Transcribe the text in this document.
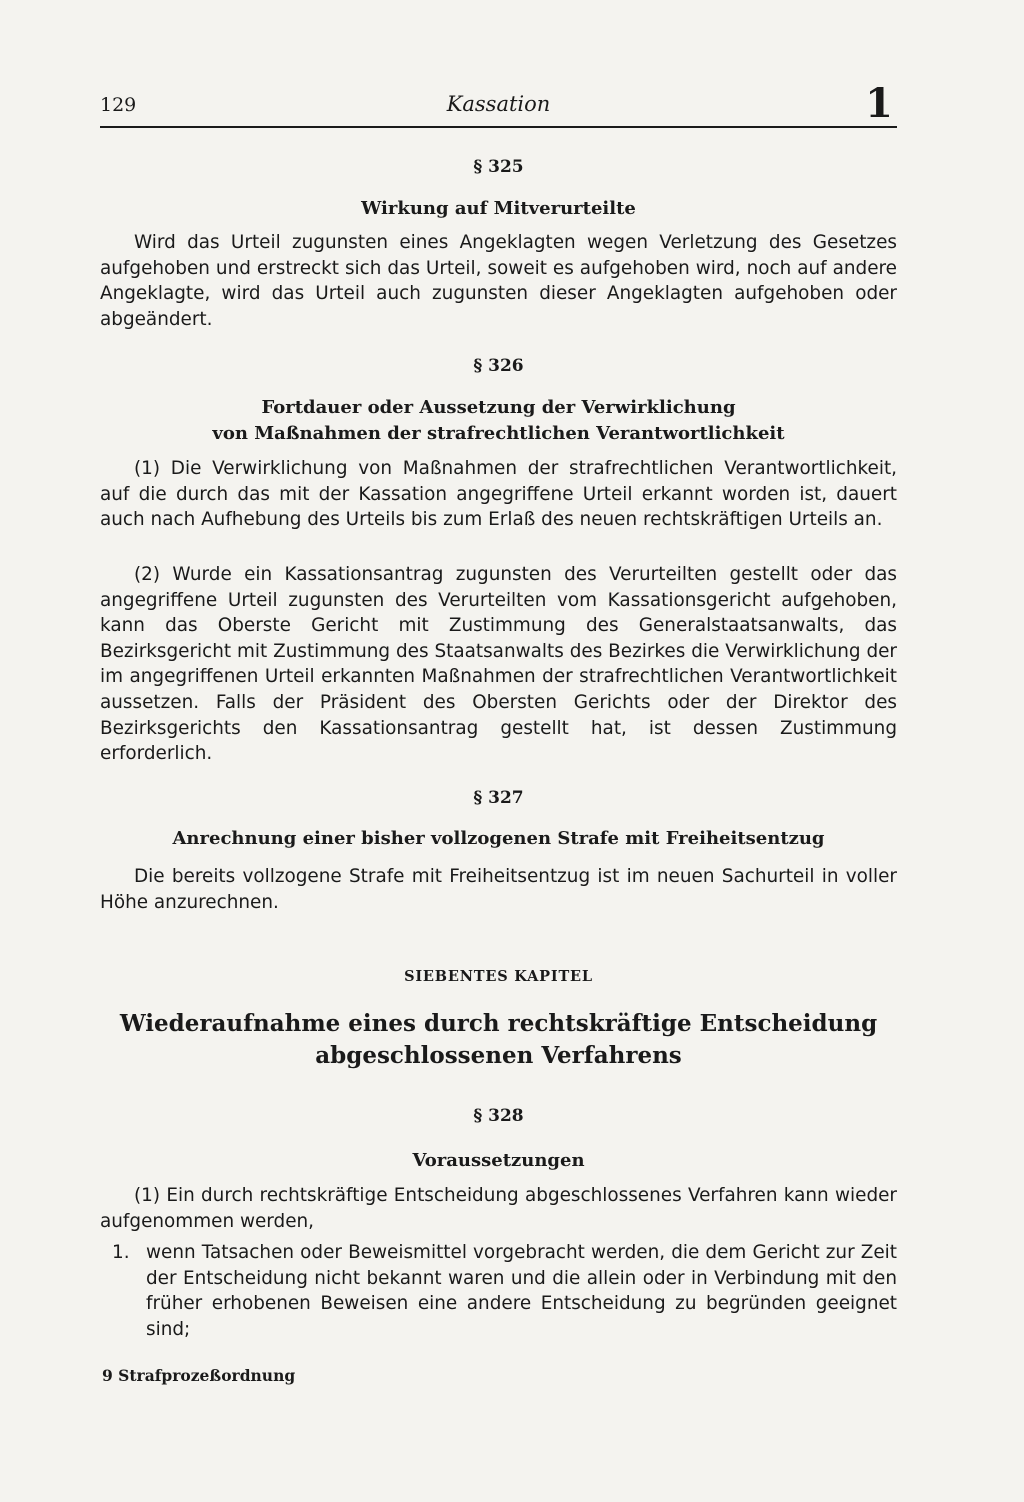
129	Kassation	1
§ 325
Wirkung auf Mitverurteilte

Wird das Urteil zugunsten eines Angeklagten wegen Verletzung des Gesetzes aufgehoben und erstreckt sich das Urteil, soweit es aufgehoben wird, noch auf andere Angeklagte, wird das Urteil auch zugunsten dieser Angeklagten aufgehoben oder abgeändert.

§ 326
Fortdauer oder Aussetzung der Verwirklichung
von Maßnahmen der strafrechtlichen Verantwortlichkeit

(1) Die Verwirklichung von Maßnahmen der strafrechtlichen Verantwortlichkeit, auf die durch das mit der Kassation angegriffene Urteil erkannt worden ist, dauert auch nach Aufhebung des Urteils bis zum Erlaß des neuen rechtskräftigen Urteils an.

(2) Wurde ein Kassationsantrag zugunsten des Verurteilten gestellt oder das angegriffene Urteil zugunsten des Verurteilten vom Kassationsgericht aufgehoben, kann das Oberste Gericht mit Zustimmung des Generalstaatsanwalts, das Bezirksgericht mit Zustimmung des Staatsanwalts des Bezirkes die Verwirklichung der im angegriffenen Urteil erkannten Maßnahmen der strafrechtlichen Verantwortlichkeit aussetzen. Falls der Präsident des Obersten Gerichts oder der Direktor des Bezirksgerichts den Kassationsantrag gestellt hat, ist dessen Zustimmung erforderlich.

§ 327
Anrechnung einer bisher vollzogenen Strafe mit Freiheitsentzug

Die bereits vollzogene Strafe mit Freiheitsentzug ist im neuen Sachurteil in voller Höhe anzurechnen.

SIEBENTES KAPITEL
Wiederaufnahme eines durch rechtskräftige Entscheidung
abgeschlossenen Verfahrens
§ 328
Voraussetzungen

(1) Ein durch rechtskräftige Entscheidung abgeschlossenes Verfahren kann wieder aufgenommen werden,

1. wenn Tatsachen oder Beweismittel vorgebracht werden, die dem Gericht zur Zeit der Entscheidung nicht bekannt waren und die allein oder in Verbindung mit den früher erhobenen Beweisen eine andere Entscheidung zu begründen geeignet sind;

9 Strafprozeßordnung
